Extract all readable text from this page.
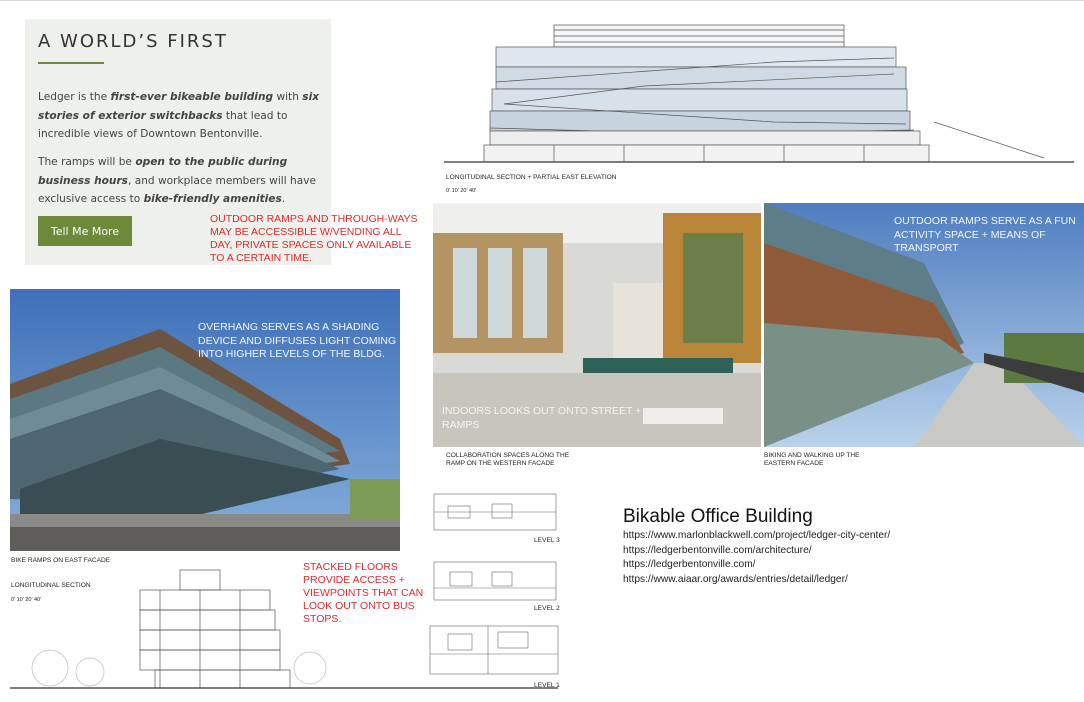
A WORLD’S FIRST
Ledger is the first-ever bikeable building with six stories of exterior switchbacks that lead to incredible views of Downtown Bentonville.
The ramps will be open to the public during business hours, and workplace members will have exclusive access to bike-friendly amenities.
Tell Me More
OUTDOOR RAMPS AND THROUGH-WAYS MAY BE ACCESSIBLE W/VENDING ALL DAY, PRIVATE SPACES ONLY AVAILABLE TO A CERTAIN TIME.
LONGITUDINAL SECTION + PARTIAL EAST ELEVATION
0' 10' 20' 40'
OVERHANG SERVES AS A SHADING DEVICE AND DIFFUSES LIGHT COMING INTO HIGHER LEVELS OF THE BLDG.
BIKE RAMPS ON EAST FACADE
LONGITUDINAL SECTION
0' 10' 20' 40'
STACKED FLOORS PROVIDE ACCESS + VIEWPOINTS THAT CAN LOOK OUT ONTO BUS STOPS.
LEVEL 3
LEVEL 2
LEVEL 1
INDOORS LOOKS OUT ONTO STREET + RAMPS
COLLABORATION SPACES ALONG THE RAMP ON THE WESTERN FACADE
OUTDOOR RAMPS SERVE AS A FUN ACTIVITY SPACE + MEANS OF TRANSPORT
BIKING AND WALKING UP THE EASTERN FACADE
Bikable Office Building
https://www.marlonblackwell.com/project/ledger-city-center/
https://ledgerbentonville.com/architecture/
https://ledgerbentonville.com/
https://www.aiaar.org/awards/entries/detail/ledger/
